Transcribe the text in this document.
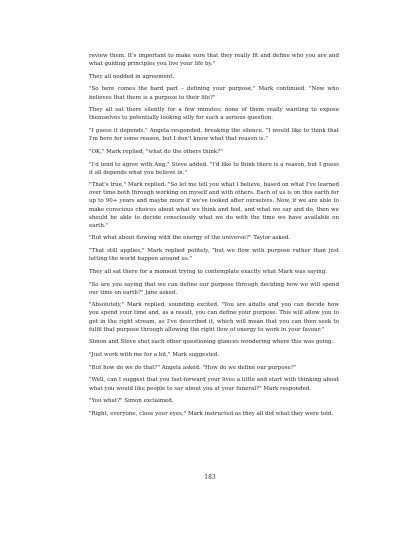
review them. It's important to make sure that they really fit and define who you are and what guiding principles you live your life by."

They all nodded in agreement.

"So here comes the hard part – defining your purpose," Mark continued. "Now who believes that there is a purpose to their life?"

They all sat there silently for a few minutes; none of them really wanting to expose themselves to potentially looking silly for such a serious question.

"I guess it depends," Angela responded, breaking the silence. "I would like to think that I'm here for some reason, but I don't know what that reason is."

"OK," Mark replied, "what do the others think?"

"I'd tend to agree with Ang," Steve added. "I'd like to think there is a reason, but I guess it all depends what you believe in."

"That's true," Mark replied. "So let me tell you what I believe, based on what I've learned over time both through working on myself and with others. Each of us is on this earth for up to 90+ years and maybe more if we've looked after ourselves. Now, if we are able to make conscious choices about what we think and feel, and what we say and do, then we should be able to decide consciously what we do with the time we have available on earth."

"But what about flowing with the energy of the universe?" Taylor asked.

"That still applies," Mark replied politely, "but we flow with purpose rather than just letting the world happen around us."

They all sat there for a moment trying to contemplate exactly what Mark was saying.

"So are you saying that we can define our purpose through deciding how we will spend our time on earth?" Jane asked.

"Absolutely," Mark replied, sounding excited. "You are adults and you can decide how you spend your time and, as a result, you can define your purpose. This will allow you to get in the right stream, as I've described it, which will mean that you can then seek to fulfil that purpose through allowing the right flow of energy to work in your favour."

Simon and Steve shot each other questioning glances wondering where this was going.

"Just work with me for a bit," Mark suggested.

"But how do we do that?" Angela asked. "How do we define our purpose?"

"Well, can I suggest that you fast-forward your lives a little and start with thinking about what you would like people to say about you at your funeral?" Mark responded.

"You what?" Simon exclaimed.

"Right, everyone, close your eyes," Mark instructed as they all did what they were told.

183
